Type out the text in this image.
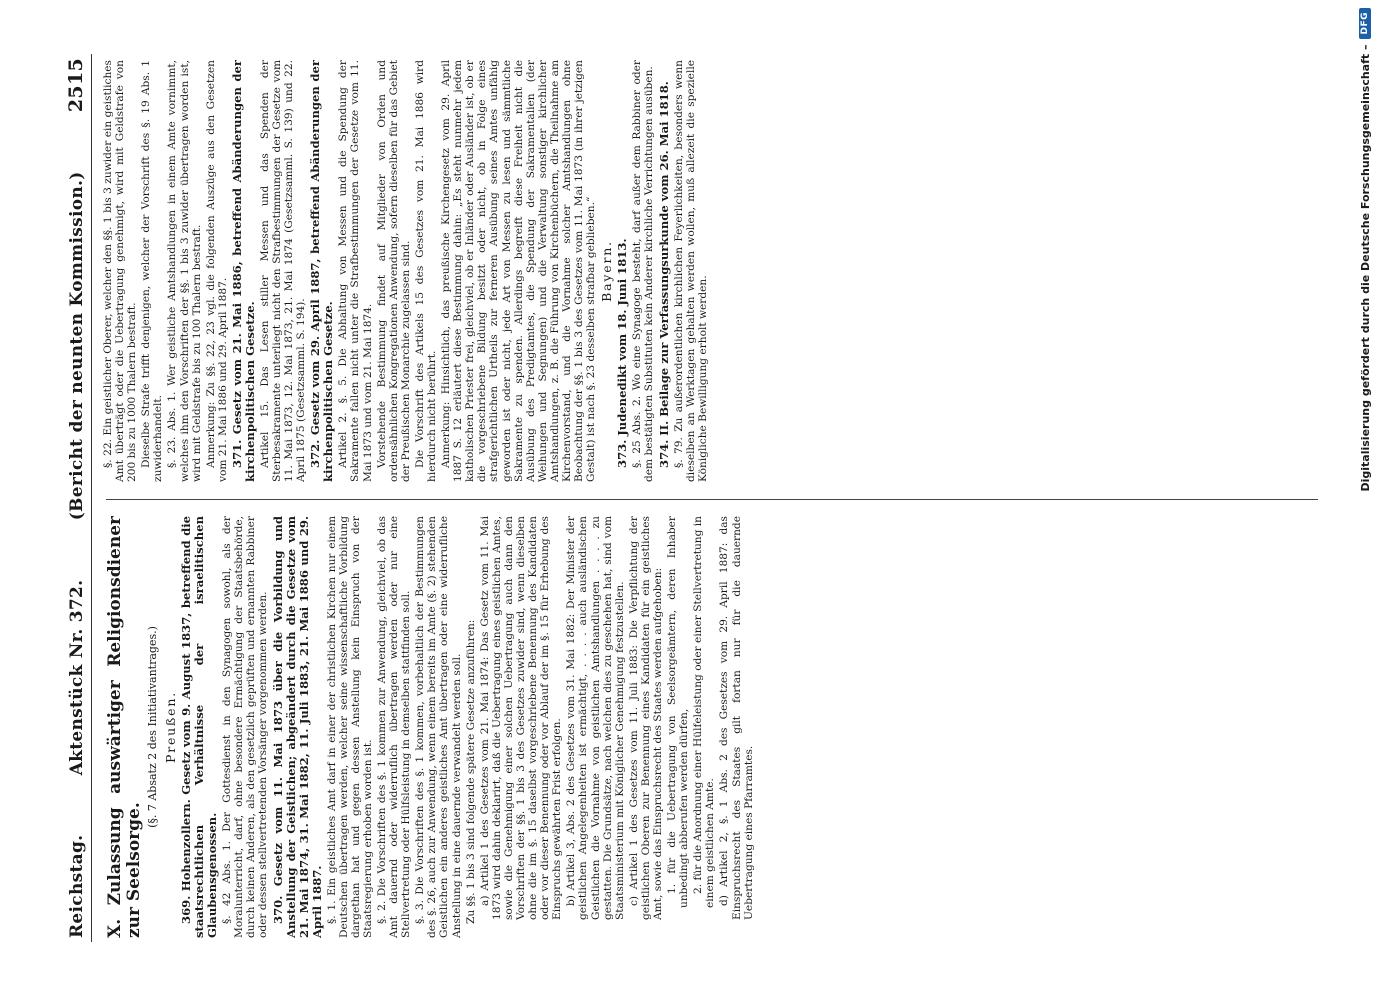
Reichstag.
Aktenstück Nr. 372.
(Bericht der neunten Kommission.)
2515
X. Zulassung auswärtiger Religionsdiener zur Seelsorge.
(§. 7 Absatz 2 des Initiativantrages.) Preußen. 369. Hohenzollern. Gesetz vom 9. August 1837, betreffend die staatsrechtlichen Verhältnisse der israelitischen Glaubensgenossen. §. 42 Abs. 1. Der Gottesdienst in den Synagogen sowohl, als der Moralunterricht, darf, ohne besondere Ermächtigung der Staatsbehörde, durch keinen Anderen, als den gesetzlich geprüften und ernannten Rabbiner oder dessen stellvertretenden Vorsänger vorgenommen werden. 370. Gesetz vom 11. Mai 1873 über die Vorbildung und Anstellung der Geistlichen; abgeändert durch die Gesetze vom 21. Mai 1874, 31. Mai 1882, 11. Juli 1883, 21. Mai 1886 und 29. April 1887. §. 1. Ein geistliches Amt darf in einer der christlichen Kirchen nur einem Deutschen übertragen werden, welcher seine wissenschaftliche Vorbildung dargethan hat und gegen dessen Anstellung kein Einspruch von der Staatsregierung erhoben worden ist. §. 2. Die Vorschriften des §. 1 kommen zur Anwendung, gleichviel, ob das Amt dauernd oder widerruflich übertragen werden oder nur eine Stellvertretung oder Hülfsleistung in demselben stattfinden soll. §. 3. Die Vorschriften des §. 1 kommen, vorbehaltlich der Bestimmungen des §. 26, auch zur Anwendung, wenn einem bereits im Amte (§. 2) stehenden Geistlichen ein anderes geistliches Amt übertragen oder eine widerrufliche Anstellung in eine dauernde verwandelt werden soll. Zu §§. 1 bis 3 sind folgende spätere Gesetze anzuführen: a) Artikel 1 des Gesetzes vom 21. Mai 1874: Das Gesetz vom 11. Mai 1873 wird dahin deklarirt, daß die Uebertragung eines geistlichen Amtes, sowie die Genehmigung einer solchen Uebertragung auch dann den Vorschriften der §§. 1 bis 3 des Gesetzes zuwider sind, wenn dieselben ohne die im §. 15 daselbst vorgeschriebene Benennung des Kandidaten oder vor dieser Benennung oder vor Ablauf der im §. 15 für Erhebung des Einspruchs gewährten Frist erfolgen. b) Artikel 3, Abs. 2 des Gesetzes vom 31. Mai 1882: Der Minister der geistlichen Angelegenheiten ist ermächtigt, . . . . auch ausländischen Geistlichen die Vornahme von geistlichen Amtshandlungen . . . . zu gestatten. Die Grundsätze, nach welchen dies zu geschehen hat, sind vom Staatsministerium mit Königlicher Genehmigung festzustellen. c) Artikel 1 des Gesetzes vom 11. Juli 1883: Die Verpflichtung der geistlichen Oberen zur Benennung eines Kandidaten für ein geistliches Amt, sowie das Einspruchsrecht des Staates werden aufgehoben: 1. für die Uebertragung von Seelsorgeämtern, deren Inhaber unbedingt abberufen werden dürfen, 2. für die Anordnung einer Hülfeleistung oder einer Stellvertretung in einem geistlichen Amte. d) Artikel 2, §. 1 Abs. 2 des Gesetzes vom 29. April 1887: das Einspruchsrecht des Staates gilt fortan nur für die dauernde Uebertragung eines Pfarramtes.

§. 22. Ein geistlicher Oberer, welcher den §§. 1 bis 3 zuwider ein geistliches Amt überträgt oder die Uebertragung genehmigt, wird mit Geldstrafe von 200 bis zu 1000 Thalern bestraft. Dieselbe Strafe trifft denjenigen, welcher der Vorschrift des §. 19 Abs. 1 zuwiderhandelt. §. 23. Abs. 1. Wer geistliche Amtshandlungen in einem Amte vornimmt, welches ihm den Vorschriften der §§. 1 bis 3 zuwider übertragen worden ist, wird mit Geldstrafe bis zu 100 Thalern bestraft. Anmerkung: Zu §§. 22, 23 vgl. die folgenden Auszüge aus den Gesetzen vom 21. Mai 1886 und 29. April 1887. 371. Gesetz vom 21. Mai 1886, betreffend Abänderungen der kirchenpolitischen Gesetze. Artikel 15. Das Lesen stiller Messen und das Spenden der Sterbesakramente unterliegt nicht den Strafbestimmungen der Gesetze vom 11. Mai 1873, 12. Mai 1873, 21. Mai 1874 (Gesetzsamml. S. 139) und 22. April 1875 (Gesetzsamml. S. 194). 372. Gesetz vom 29. April 1887, betreffend Abänderungen der kirchenpolitischen Gesetze. Artikel 2. §. 5. Die Abhaltung von Messen und die Spendung der Sakramente fallen nicht unter die Strafbestimmungen der Gesetze vom 11. Mai 1873 und vom 21. Mai 1874. Vorstehende Bestimmung findet auf Mitglieder von Orden und ordensähnlichen Kongregationen Anwendung, sofern dieselben für das Gebiet der Preußischen Monarchie zugelassen sind. Die Vorschrift des Artikels 15 des Gesetzes vom 21. Mai 1886 wird hierdurch nicht berührt. Anmerkung: Hinsichtlich, das preußische Kirchengesetz vom 29. April 1887 S. 12 erläutert diese Bestimmung dahin: „Es steht nunmehr jedem katholischen Priester frei, gleichviel, ob er Inländer oder Ausländer ist, ob er die vorgeschriebene Bildung besitzt oder nicht, ob in Folge eines strafgerichtlichen Urtheils zur ferneren Ausübung seines Amtes unfähig geworden ist oder nicht, jede Art von Messen zu lesen und sämmtliche Sakramente zu spenden. Allerdings begreift diese Freiheit nicht die Ausübung des Predigtamtes, die Spendung der Sakramentalien (der Weihungen und Segnungen) und die Verwaltung sonstiger kirchlicher Amtshandlungen, z. B. die Führung von Kirchenbüchern, die Theilnahme am Kirchenvorstand, und die Vornahme solcher Amtshandlungen ohne Beobachtung der §§. 1 bis 3 des Gesetzes vom 11. Mai 1873 (in ihrer jetzigen Gestalt) ist nach §. 23 desselben strafbar geblieben.“ Bayern. 373. Judenedikt vom 18. Juni 1813. §. 25 Abs. 2. Wo eine Synagoge besteht, darf außer dem Rabbiner oder dem bestätigten Substituten kein Anderer kirchliche Verrichtungen ausüben. 374. II. Beilage zur Verfassungsurkunde vom 26. Mai 1818. §. 79. Zu außerordentlichen kirchlichen Feyerlichkeiten, besonders wenn dieselben an Werktagen gehalten werden wollen, muß allezeit die spezielle Königliche Bewilligung erholt werden.	Digitalisierung gefördert durch die Deutsche Forschungsgemeinschaft –
DFG
